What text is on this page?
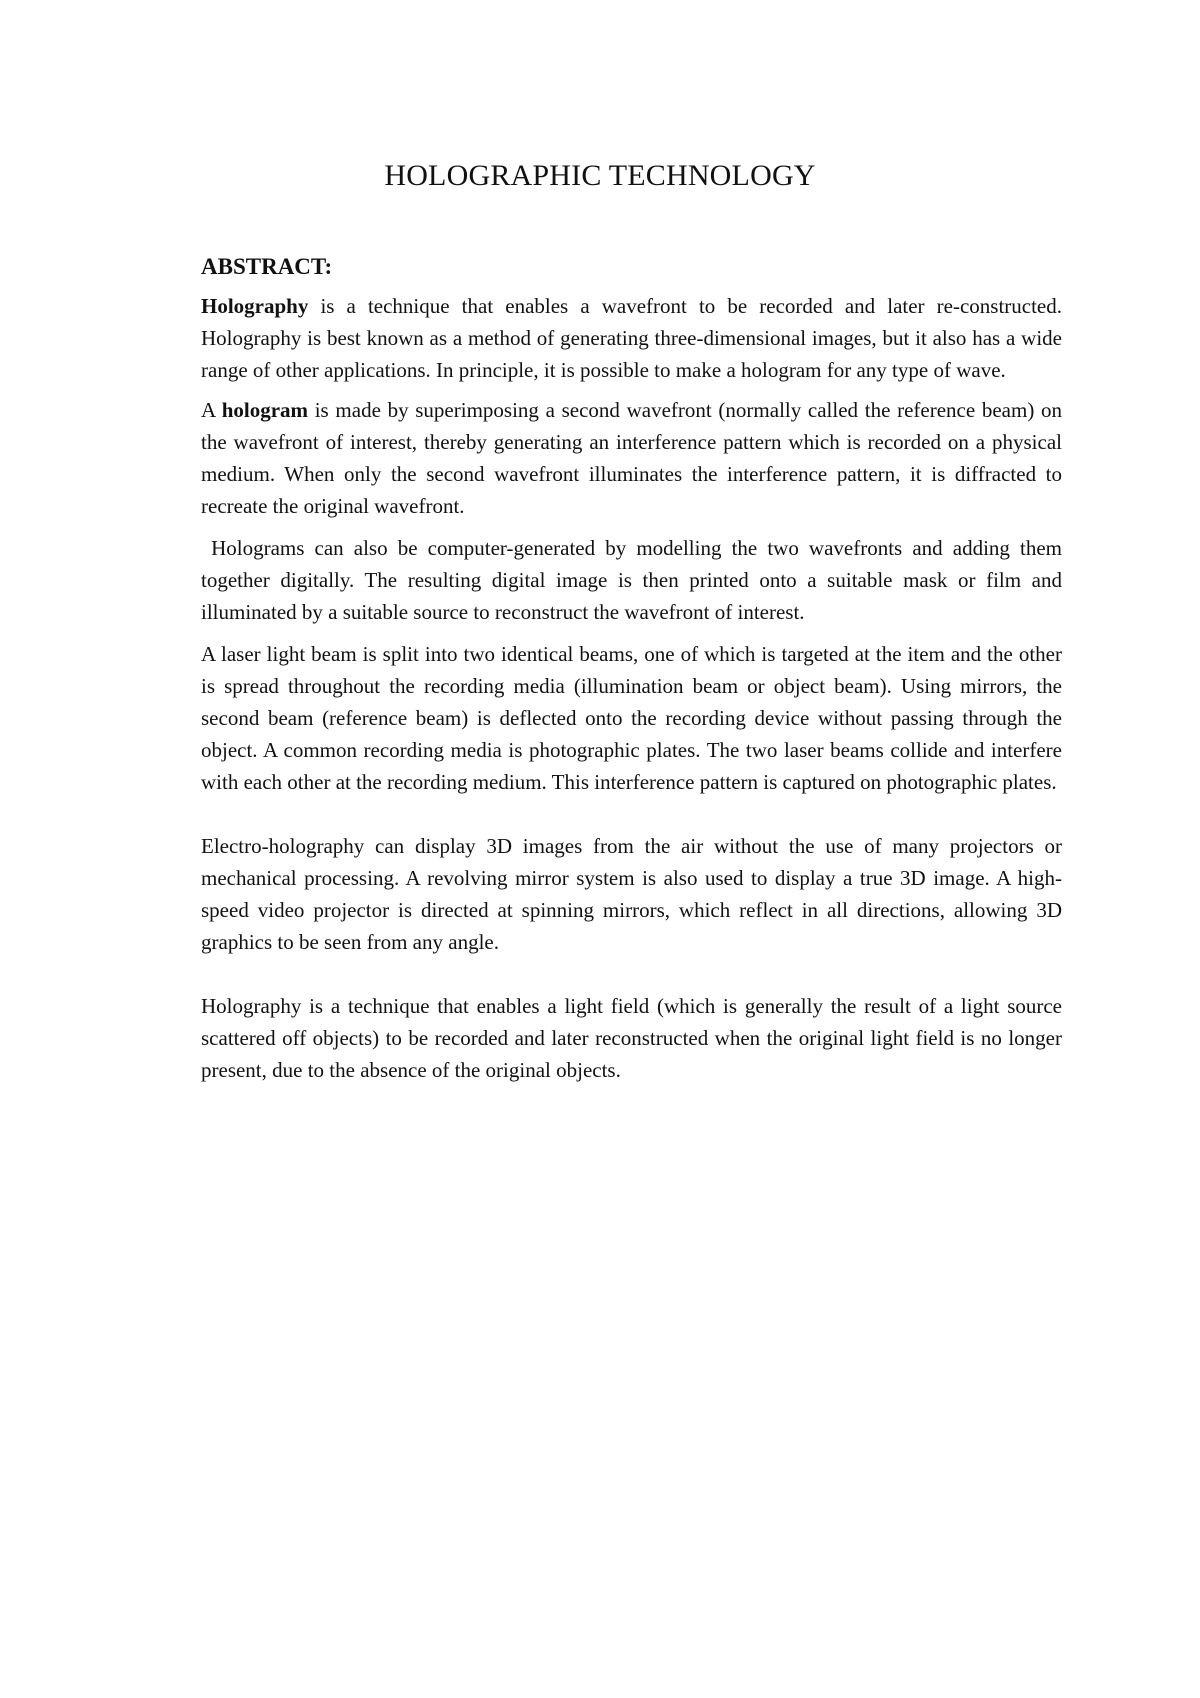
HOLOGRAPHIC TECHNOLOGY
ABSTRACT:

Holography is a technique that enables a wavefront to be recorded and later re-constructed. Holography is best known as a method of generating three-dimensional images, but it also has a wide range of other applications. In principle, it is possible to make a hologram for any type of wave.

A hologram is made by superimposing a second wavefront (normally called the reference beam) on the wavefront of interest, thereby generating an interference pattern which is recorded on a physical medium. When only the second wavefront illuminates the interference pattern, it is diffracted to recreate the original wavefront.

Holograms can also be computer-generated by modelling the two wavefronts and adding them together digitally. The resulting digital image is then printed onto a suitable mask or film and illuminated by a suitable source to reconstruct the wavefront of interest.

A laser light beam is split into two identical beams, one of which is targeted at the item and the other is spread throughout the recording media (illumination beam or object beam). Using mirrors, the second beam (reference beam) is deflected onto the recording device without passing through the object. A common recording media is photographic plates. The two laser beams collide and interfere with each other at the recording medium. This interference pattern is captured on photographic plates.

Electro-holography can display 3D images from the air without the use of many projectors or mechanical processing. A revolving mirror system is also used to display a true 3D image. A high-speed video projector is directed at spinning mirrors, which reflect in all directions, allowing 3D graphics to be seen from any angle.

Holography is a technique that enables a light field (which is generally the result of a light source scattered off objects) to be recorded and later reconstructed when the original light field is no longer present, due to the absence of the original objects.
